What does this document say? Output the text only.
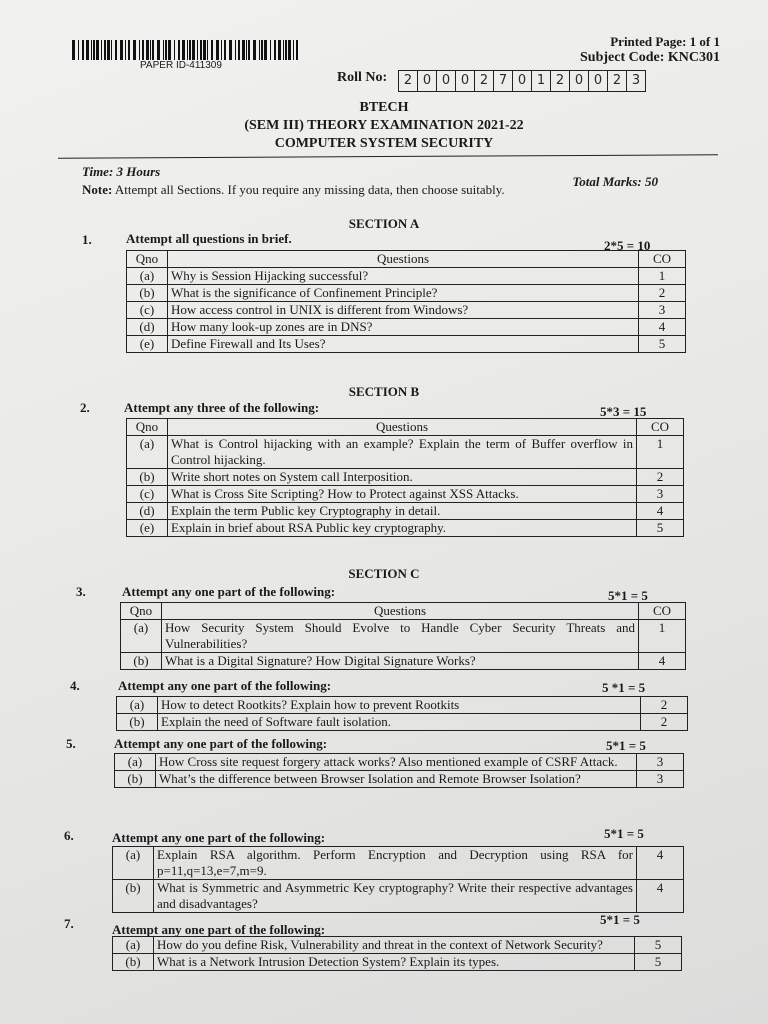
PAPER ID-411309
Printed Page: 1 of 1
Subject Code: KNC301
Roll No:	2 0 0 0 2 7 0 1 2 0 0 2 3
BTECH
(SEM III) THEORY EXAMINATION 2021-22
COMPUTER SYSTEM SECURITY
Time: 3 Hours
Total Marks: 50
Note: Attempt all Sections. If you require any missing data, then choose suitably.
SECTION A
1.	Attempt all questions in brief.	2*5 = 10
Qno	Questions	CO
(a)	Why is Session Hijacking successful?	1
(b)	What is the significance of Confinement Principle?	2
(c)	How access control in UNIX is different from Windows?	3
(d)	How many look-up zones are in DNS?	4
(e)	Define Firewall and Its Uses?	5
SECTION B
2.	Attempt any three of the following:	5*3 = 15
Qno	Questions	CO
(a)	What is Control hijacking with an example? Explain the term of Buffer overflow in Control hijacking.	1
(b)	Write short notes on System call Interposition.	2
(c)	What is Cross Site Scripting? How to Protect against XSS Attacks.	3
(d)	Explain the term Public key Cryptography in detail.	4
(e)	Explain in brief about RSA Public key cryptography.	5
SECTION C
3.	Attempt any one part of the following:	5*1 = 5
Qno	Questions	CO
(a)	How Security System Should Evolve to Handle Cyber Security Threats and Vulnerabilities?	1
(b)	What is a Digital Signature? How Digital Signature Works?	4
4.	Attempt any one part of the following:	5 *1 = 5
(a)	How to detect Rootkits? Explain how to prevent Rootkits	2
(b)	Explain the need of Software fault isolation.	2
5.	Attempt any one part of the following:	5*1 = 5
(a)	How Cross site request forgery attack works? Also mentioned example of CSRF Attack.	3
(b)	What’s the difference between Browser Isolation and Remote Browser Isolation?	3
6.	Attempt any one part of the following:	5*1 = 5
(a)	Explain RSA algorithm. Perform Encryption and Decryption using RSA for p=11,q=13,e=7,m=9.	4
(b)	What is Symmetric and Asymmetric Key cryptography? Write their respective advantages and disadvantages?	4
7.	Attempt any one part of the following:
5*1 = 5
(a)	How do you define Risk, Vulnerability and threat in the context of Network Security?	5
(b)	What is a Network Intrusion Detection System? Explain its types.	5
